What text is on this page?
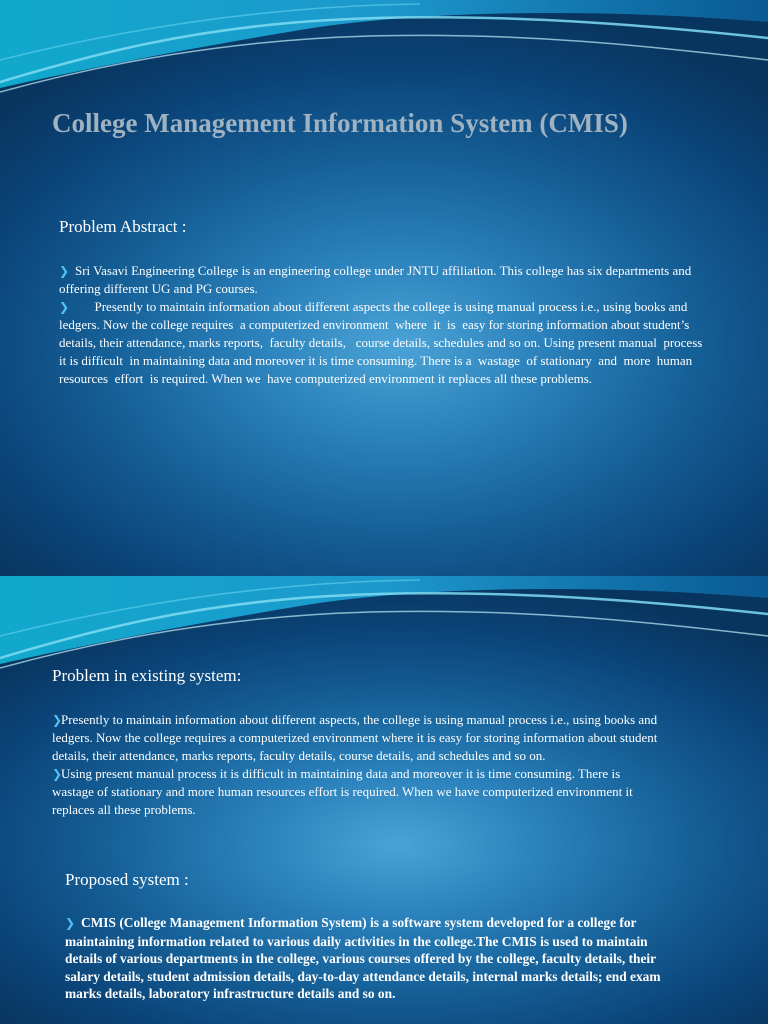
College Management Information System (CMIS)
Problem Abstract :

❯ Sri Vasavi Engineering College is an engineering college under JNTU affiliation. This college has six departments and offering different UG and PG courses.

❯      Presently to maintain information about different aspects the college is using manual process i.e., using books and ledgers. Now the college requires  a computerized environment  where  it  is  easy for storing information about student’s  details, their attendance, marks reports,  faculty details,   course details, schedules and so on. Using present manual  process it is difficult  in maintaining data and moreover it is time consuming. There is a  wastage  of stationary  and  more  human resources  effort  is required. When we  have computerized environment it replaces all these problems.

Problem in existing system:

❯Presently to maintain information about different aspects, the college is using manual process i.e., using books and ledgers. Now the college requires a computerized environment where it is easy for storing information about student details, their attendance, marks reports, faculty details, course details, and schedules and so on.

❯Using present manual process it is difficult in maintaining data and moreover it is time consuming. There is wastage of stationary and more human resources effort is required. When we have computerized environment it replaces all these problems.

Proposed system :

❯ CMIS (College Management Information System) is a software system developed for a college for maintaining information related to various daily activities in the college.The CMIS is used to maintain details of various departments in the college, various courses offered by the college, faculty details, their salary details, student admission details, day-to-day attendance details, internal marks details; end exam marks details, laboratory infrastructure details and so on.
